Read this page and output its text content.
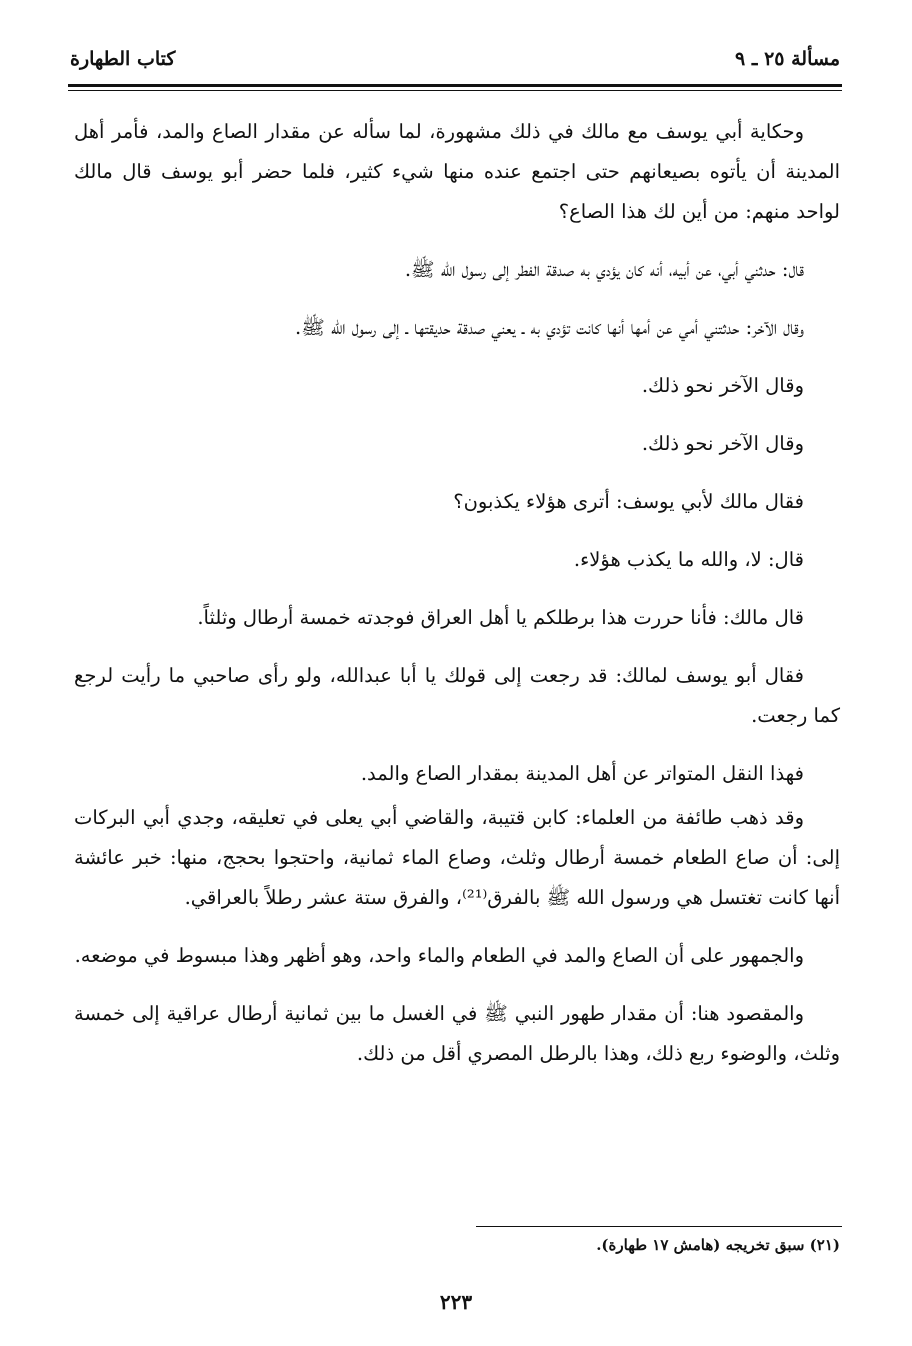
مسألة ٢٥ ـ ٩
كتاب الطهارة

وحكاية أبي يوسف مع مالك في ذلك مشهورة، لما سأله عن مقدار الصاع والمد، فأمر أهل المدينة أن يأتوه بصيعانهم حتى اجتمع عنده منها شيء كثير، فلما حضر أبو يوسف قال مالك لواحد منهم: من أين لك هذا الصاع؟

قال: حدثني أبي، عن أبيه، أنه كان يؤدي به صدقة الفطر إلى رسول الله ﷺ.

وقال الآخر: حدثتني أمي عن أمها أنها كانت تؤدي به ـ يعني صدقة حديقتها ـ إلى رسول الله ﷺ.

وقال الآخر نحو ذلك.

وقال الآخر نحو ذلك.

فقال مالك لأبي يوسف: أترى هؤلاء يكذبون؟

قال: لا، والله ما يكذب هؤلاء.

قال مالك: فأنا حررت هذا برطلكم يا أهل العراق فوجدته خمسة أرطال وثلثاً.

فقال أبو يوسف لمالك: قد رجعت إلى قولك يا أبا عبدالله، ولو رأى صاحبي ما رأيت لرجع كما رجعت.

فهذا النقل المتواتر عن أهل المدينة بمقدار الصاع والمد.

وقد ذهب طائفة من العلماء: كابن قتيبة، والقاضي أبي يعلى في تعليقه، وجدي أبي البركات إلى: أن صاع الطعام خمسة أرطال وثلث، وصاع الماء ثمانية، واحتجوا بحجج، منها: خبر عائشة أنها كانت تغتسل هي ورسول الله ﷺ بالفرق⁽²¹⁾، والفرق ستة عشر رطلاً بالعراقي.

والجمهور على أن الصاع والمد في الطعام والماء واحد، وهو أظهر وهذا مبسوط في موضعه.

والمقصود هنا: أن مقدار طهور النبي ﷺ في الغسل ما بين ثمانية أرطال عراقية إلى خمسة وثلث، والوضوء ربع ذلك، وهذا بالرطل المصري أقل من ذلك.

(٢١) سبق تخريجه (هامش ١٧ طهارة).
٢٢٣
